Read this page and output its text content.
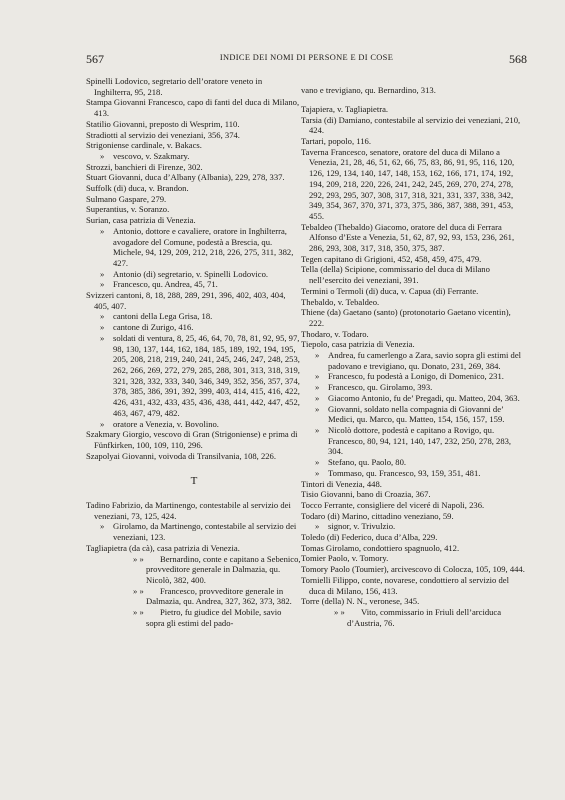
567	INDICE DEI NOMI DI PERSONE E DI COSE	568

Spinelli Lodovico, segretario dell’oratore veneto in Inghilterra, 95, 218.

Stampa Giovanni Francesco, capo di fanti del duca di Milano, 413.

Statilio Giovanni, preposto di Wesprim, 110.

Stradiotti al servizio dei veneziani, 356, 374.

Strigoniense cardinale, v. Bakacs.

» vescovo, v. Szakmary.

Strozzi, banchieri di Firenze, 302.

Stuart Giovanni, duca d’Albany (Albania), 229, 278, 337.

Suffolk (di) duca, v. Brandon.

Sulmano Gaspare, 279.

Superantius, v. Soranzo.

Surian, casa patrizia di Venezia.

» Antonio, dottore e cavaliere, oratore in Inghilterra, avogadore del Comune, podestà a Brescia, qu. Michele, 94, 129, 209, 212, 218, 226, 275, 311, 382, 427.

» Antonio (di) segretario, v. Spinelli Lodovico.

» Francesco, qu. Andrea, 45, 71.

Svizzeri cantoni, 8, 18, 288, 289, 291, 396, 402, 403, 404, 405, 407.

» cantoni della Lega Grisa, 18.

» cantone di Zurigo, 416.

» soldati di ventura, 8, 25, 46, 64, 70, 78, 81, 92, 95, 97, 98, 130, 137, 144, 162, 184, 185, 189, 192, 194, 195, 205, 208, 218, 219, 240, 241, 245, 246, 247, 248, 253, 262, 266, 269, 272, 279, 285, 288, 301, 313, 318, 319, 321, 328, 332, 333, 340, 346, 349, 352, 356, 357, 374, 378, 385, 386, 391, 392, 399, 403, 414, 415, 416, 422, 426, 431, 432, 433, 435, 436, 438, 441, 442, 447, 452, 463, 467, 479, 482.

» oratore a Venezia, v. Bovolino.

Szakmary Giorgio, vescovo di Gran (Strigoniense) e prima di Fünfkirken, 100, 109, 110, 296.

Szapolyai Giovanni, voivoda di Transilvania, 108, 226.

T

Tadino Fabrizio, da Martinengo, contestabile al servizio dei veneziani, 73, 125, 424.

» Girolamo, da Martinengo, contestabile al servizio dei veneziani, 123.

Tagliapietra (da cà), casa patrizia di Venezia.

» » Bernardino, conte e capitano a Sebenico, provveditore generale in Dalmazia, qu. Nicolò, 382, 400.

» » Francesco, provveditore generale in Dalmazia, qu. Andrea, 327, 362, 373, 382.

» » Pietro, fu giudice del Mobile, savio sopra gli estimi del pado-

vano e trevigiano, qu. Bernardino, 313.

Tajapiera, v. Tagliapietra.

Tarsia (di) Damiano, contestabile al servizio dei veneziani, 210, 424.

Tartari, popolo, 116.

Taverna Francesco, senatore, oratore del duca di Milano a Venezia, 21, 28, 46, 51, 62, 66, 75, 83, 86, 91, 95, 116, 120, 126, 129, 134, 140, 147, 148, 153, 162, 166, 171, 174, 192, 194, 209, 218, 220, 226, 241, 242, 245, 269, 270, 274, 278, 292, 293, 295, 307, 308, 317, 318, 321, 331, 337, 338, 342, 349, 354, 367, 370, 371, 373, 375, 386, 387, 388, 391, 453, 455.

Tebaldeo (Thebaldo) Giacomo, oratore del duca di Ferrara Alfonso d’Este a Venezia, 51, 62, 87, 92, 93, 153, 236, 261, 286, 293, 308, 317, 318, 350, 375, 387.

Tegen capitano di Grigioni, 452, 458, 459, 475, 479.

Tella (della) Scipione, commissario del duca di Milano nell’esercito dei veneziani, 391.

Termini o Termoli (di) duca, v. Capua (di) Ferrante.

Thebaldo, v. Tebaldeo.

Thiene (da) Gaetano (santo) (protonotario Gaetano vicentin), 222.

Thodaro, v. Todaro.

Tiepolo, casa patrizia di Venezia.

» Andrea, fu camerlengo a Zara, savio sopra gli estimi del padovano e trevigiano, qu. Donato, 231, 269, 384.

» Francesco, fu podestà a Lonigo, di Domenico, 231.

» Francesco, qu. Girolamo, 393.

» Giacomo Antonio, fu de’ Pregadi, qu. Matteo, 204, 363.

» Giovanni, soldato nella compagnia di Giovanni de’ Medici, qu. Marco, qu. Matteo, 154, 156, 157, 159.

» Nicolò dottore, podestà e capitano a Rovigo, qu. Francesco, 80, 94, 121, 140, 147, 232, 250, 278, 283, 304.

» Stefano, qu. Paolo, 80.

» Tommaso, qu. Francesco, 93, 159, 351, 481.

Tintori di Venezia, 448.

Tisio Giovanni, bano di Croazia, 367.

Tocco Ferrante, consigliere del viceré di Napoli, 236.

Todaro (di) Marino, cittadino veneziano, 59.

» signor, v. Trivulzio.

Toledo (di) Federico, duca d’Alba, 229.

Tomas Girolamo, condottiero spagnuolo, 412.

Tomier Paolo, v. Tomory.

Tomory Paolo (Toumier), arcivescovo di Colocza, 105, 109, 444.

Tornielli Filippo, conte, novarese, condottiero al servizio del duca di Milano, 156, 413.

Torre (della) N. N., veronese, 345.

» » Vito, commissario in Friuli dell’arciduca d’Austria, 76.
